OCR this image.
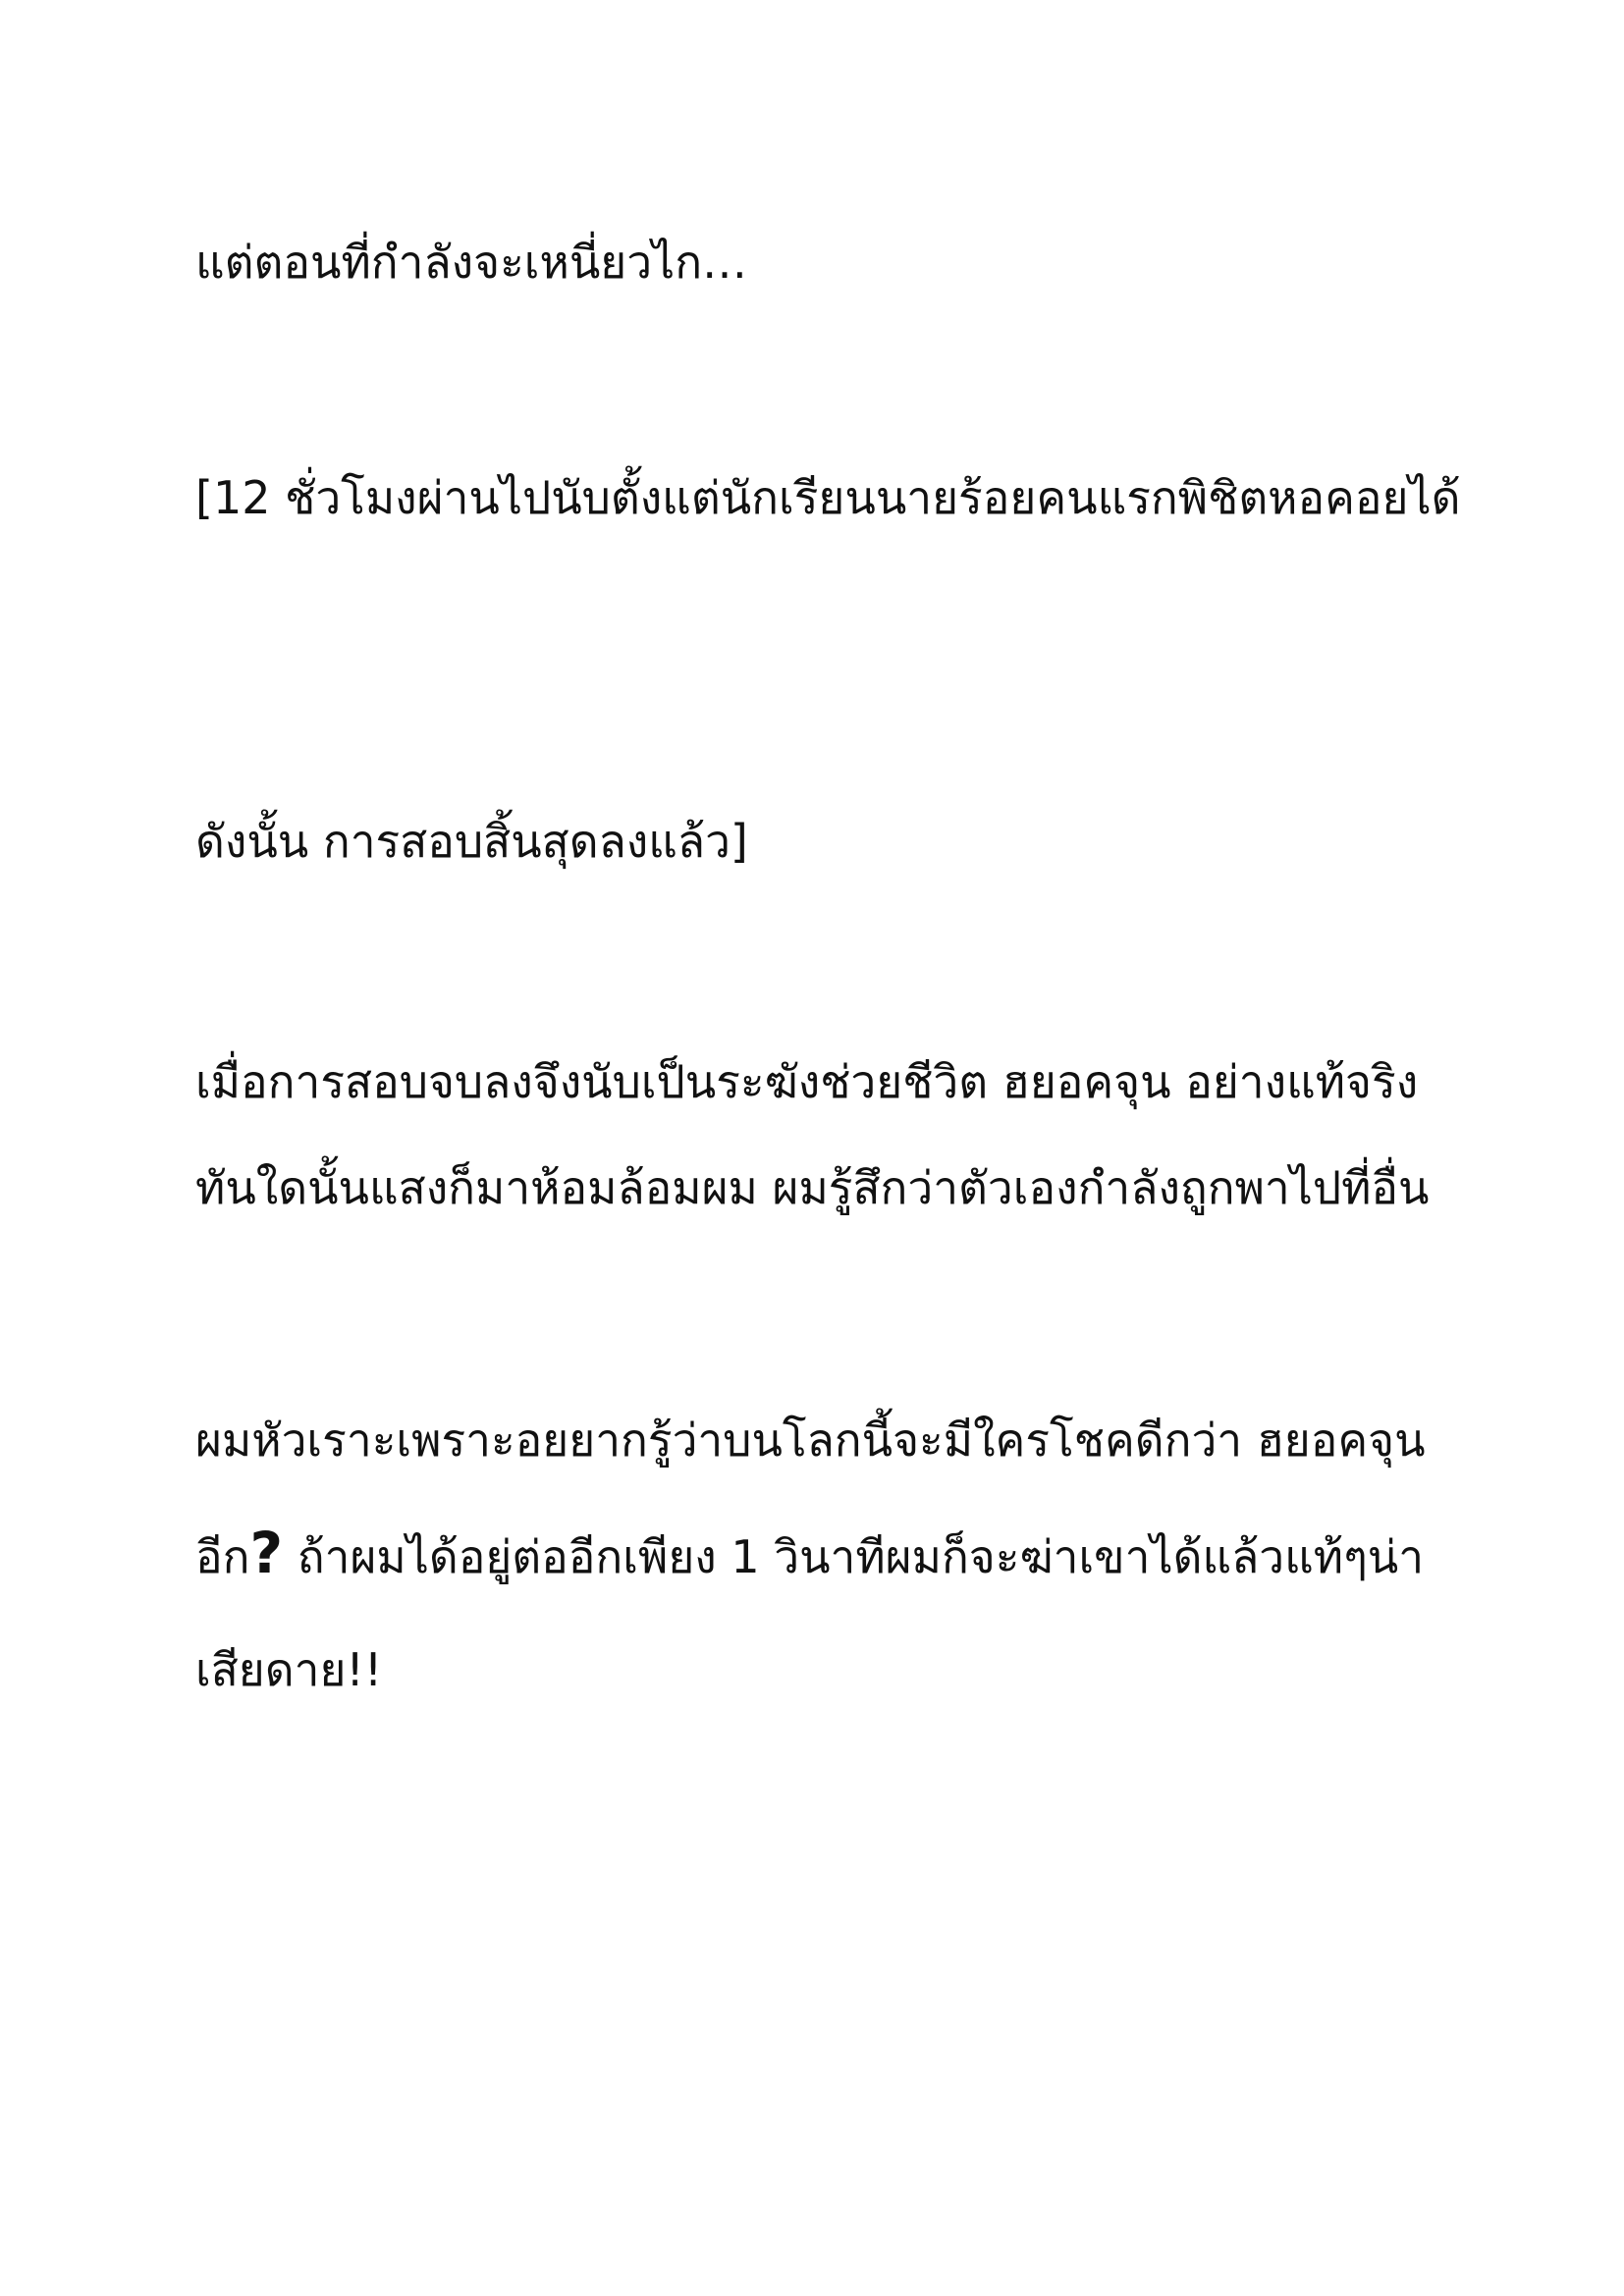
แต่ตอนที่กำลังจะเหนี่ยวไก…

[12 ชั่วโมงผ่านไปนับตั้งแต่นักเรียนนายร้อยคนแรกพิชิตหอคอยได้

ดังนั้น การสอบสิ้นสุดลงแล้ว]

เมื่อการสอบจบลงจึงนับเป็นระฆังช่วยชีวิต ฮยอคจุน อย่างแท้จริง ทันใดนั้นแสงก็มาห้อมล้อมผม ผมรู้สึกว่าตัวเองกำลังถูกพาไปที่อื่น

ผมหัวเราะเพราะอยยากรู้ว่าบนโลกนี้จะมีใครโชคดีกว่า ฮยอคจุน อีก? ถ้าผมได้อยู่ต่ออีกเพียง 1 วินาทีผมก็จะฆ่าเขาได้แล้วแท้ๆน่าเสียดาย!!
